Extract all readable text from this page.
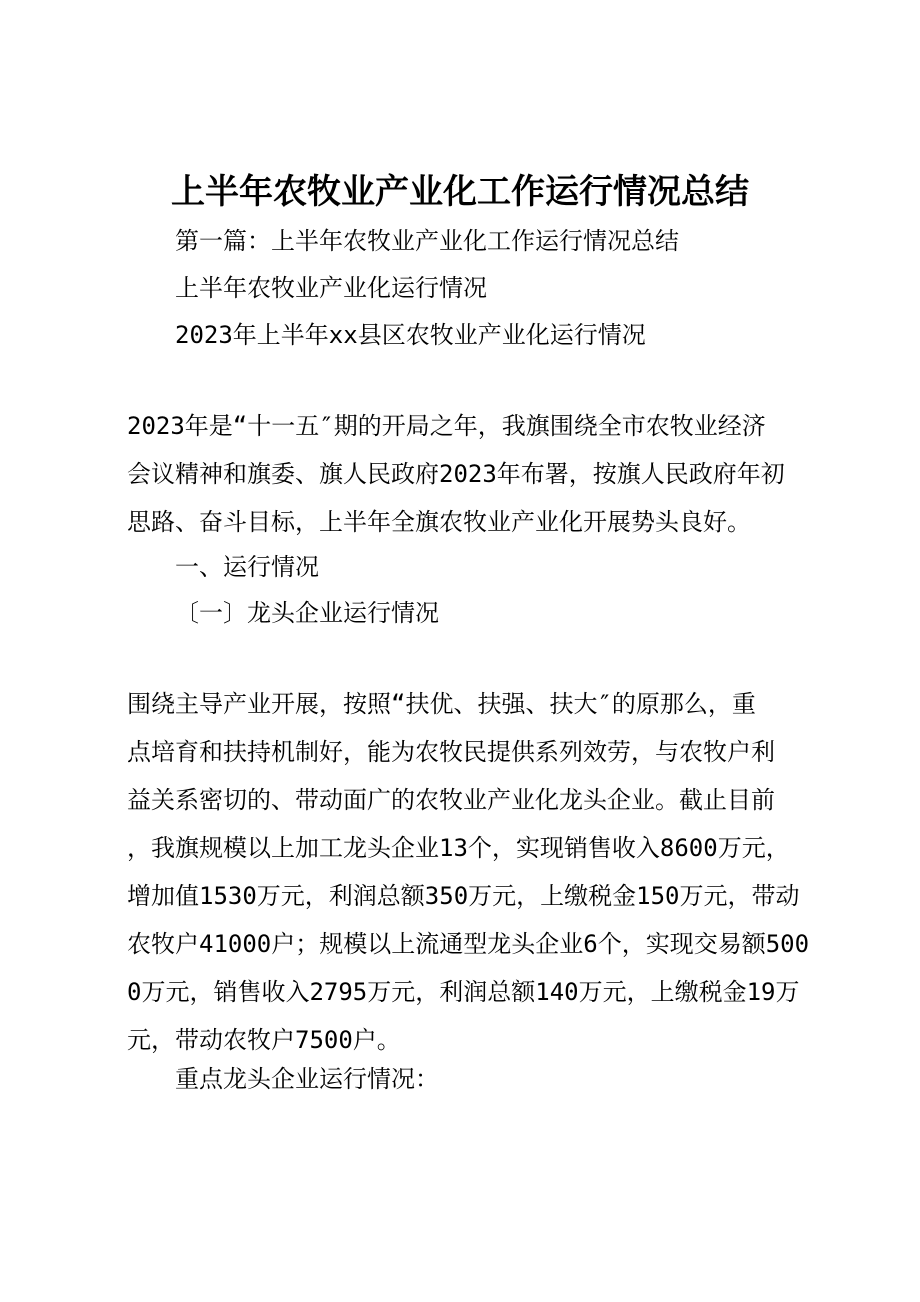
上半年农牧业产业化工作运行情况总结
第一篇：上半年农牧业产业化工作运行情况总结
上半年农牧业产业化运行情况
2023年上半年xx县区农牧业产业化运行情况
2023年是“十一五″期的开局之年，我旗围绕全市农牧业经济
会议精神和旗委、旗人民政府2023年布署，按旗人民政府年初
思路、奋斗目标，上半年全旗农牧业产业化开展势头良好。
一、运行情况
〔一〕龙头企业运行情况
围绕主导产业开展，按照“扶优、扶强、扶大″的原那么，重
点培育和扶持机制好，能为农牧民提供系列效劳，与农牧户利
益关系密切的、带动面广的农牧业产业化龙头企业。截止目前
，我旗规模以上加工龙头企业13个，实现销售收入8600万元，
增加值1530万元，利润总额350万元，上缴税金150万元，带动
农牧户41000户；规模以上流通型龙头企业6个，实现交易额500
0万元，销售收入2795万元，利润总额140万元，上缴税金19万
元，带动农牧户7500户。
重点龙头企业运行情况：
